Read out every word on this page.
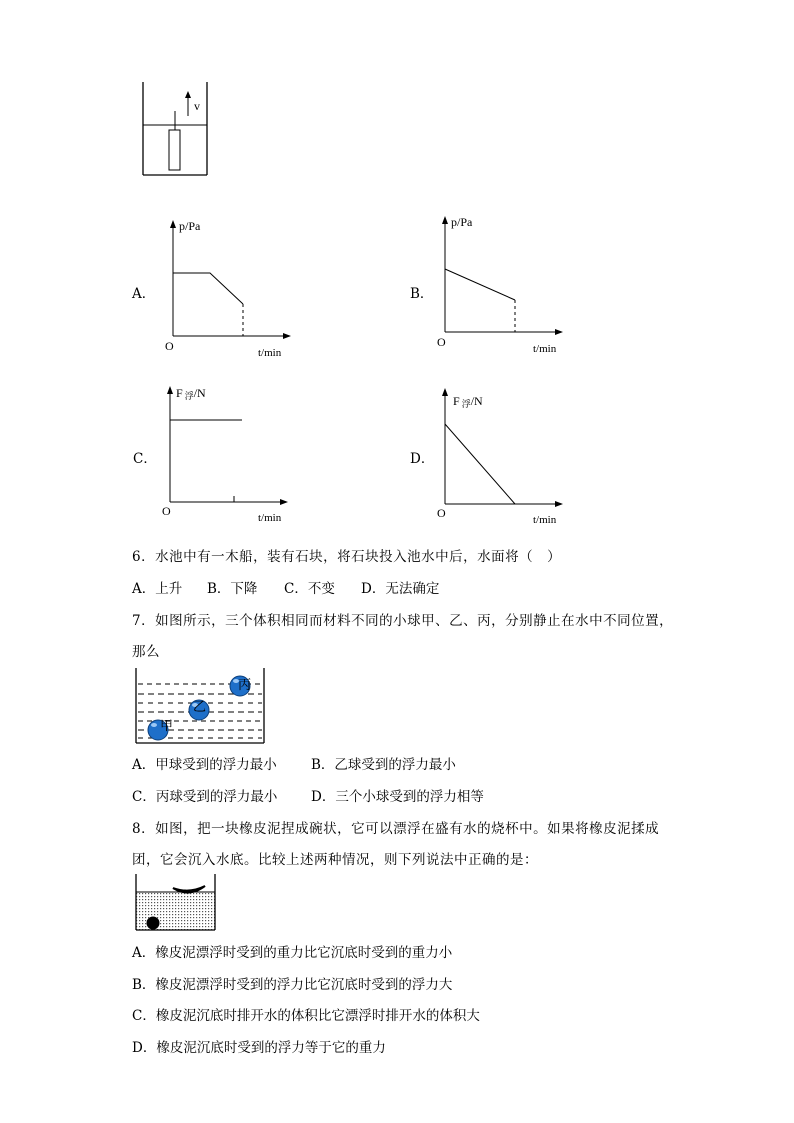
v
A．	B．
C．	D．
p/Pa
t/min
O
p/Pa
t/min
O
F 浮/N
t/min
O
F 浮/N
t/min
O
6．水池中有一木船，装有石块，将石块投入池水中后，水面将（　）
A．上升 B．下降 C．不变 D．无法确定
7．如图所示，三个体积相同而材料不同的小球甲、乙、丙，分别静止在水中不同位置，
那么
丙
乙
甲
A．甲球受到的浮力最小	B．乙球受到的浮力最小
C．丙球受到的浮力最小 D．三个小球受到的浮力相等
8．如图，把一块橡皮泥捏成碗状，它可以漂浮在盛有水的烧杯中。如果将橡皮泥揉成
团，它会沉入水底。比较上述两种情况，则下列说法中正确的是：
A．橡皮泥漂浮时受到的重力比它沉底时受到的重力小
B．橡皮泥漂浮时受到的浮力比它沉底时受到的浮力大
C．橡皮泥沉底时排开水的体积比它漂浮时排开水的体积大
D．橡皮泥沉底时受到的浮力等于它的重力
